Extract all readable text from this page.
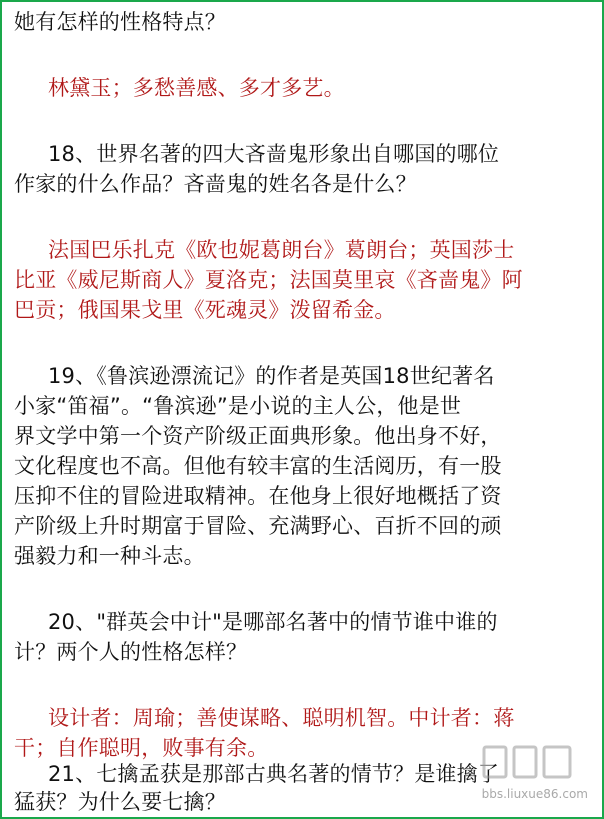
她有怎样的性格特点？
林黛玉；多愁善感、多才多艺。
18、世界名著的四大吝啬鬼形象出自哪国的哪位
作家的什么作品？吝啬鬼的姓名各是什么？
法国巴乐扎克《欧也妮葛朗台》葛朗台；英国莎士
比亚《威尼斯商人》夏洛克；法国莫里哀《吝啬鬼》阿
巴贡；俄国果戈里《死魂灵》泼留希金。
19、《鲁滨逊漂流记》的作者是英国18世纪著名
小家“笛福”。“鲁滨逊”是小说的主人公，他是世
界文学中第一个资产阶级正面典形象。他出身不好，
文化程度也不高。但他有较丰富的生活阅历，有一股
压抑不住的冒险进取精神。在他身上很好地概括了资
产阶级上升时期富于冒险、充满野心、百折不回的顽
强毅力和一种斗志。
20、"群英会中计"是哪部名著中的情节谁中谁的
计？两个人的性格怎样？
设计者：周瑜；善使谋略、聪明机智。中计者：蒋
干；自作聪明，败事有余。
21、七擒孟获是那部古典名著的情节？是谁擒了
猛获？为什么要七擒？	bbs.liuxue86.com
